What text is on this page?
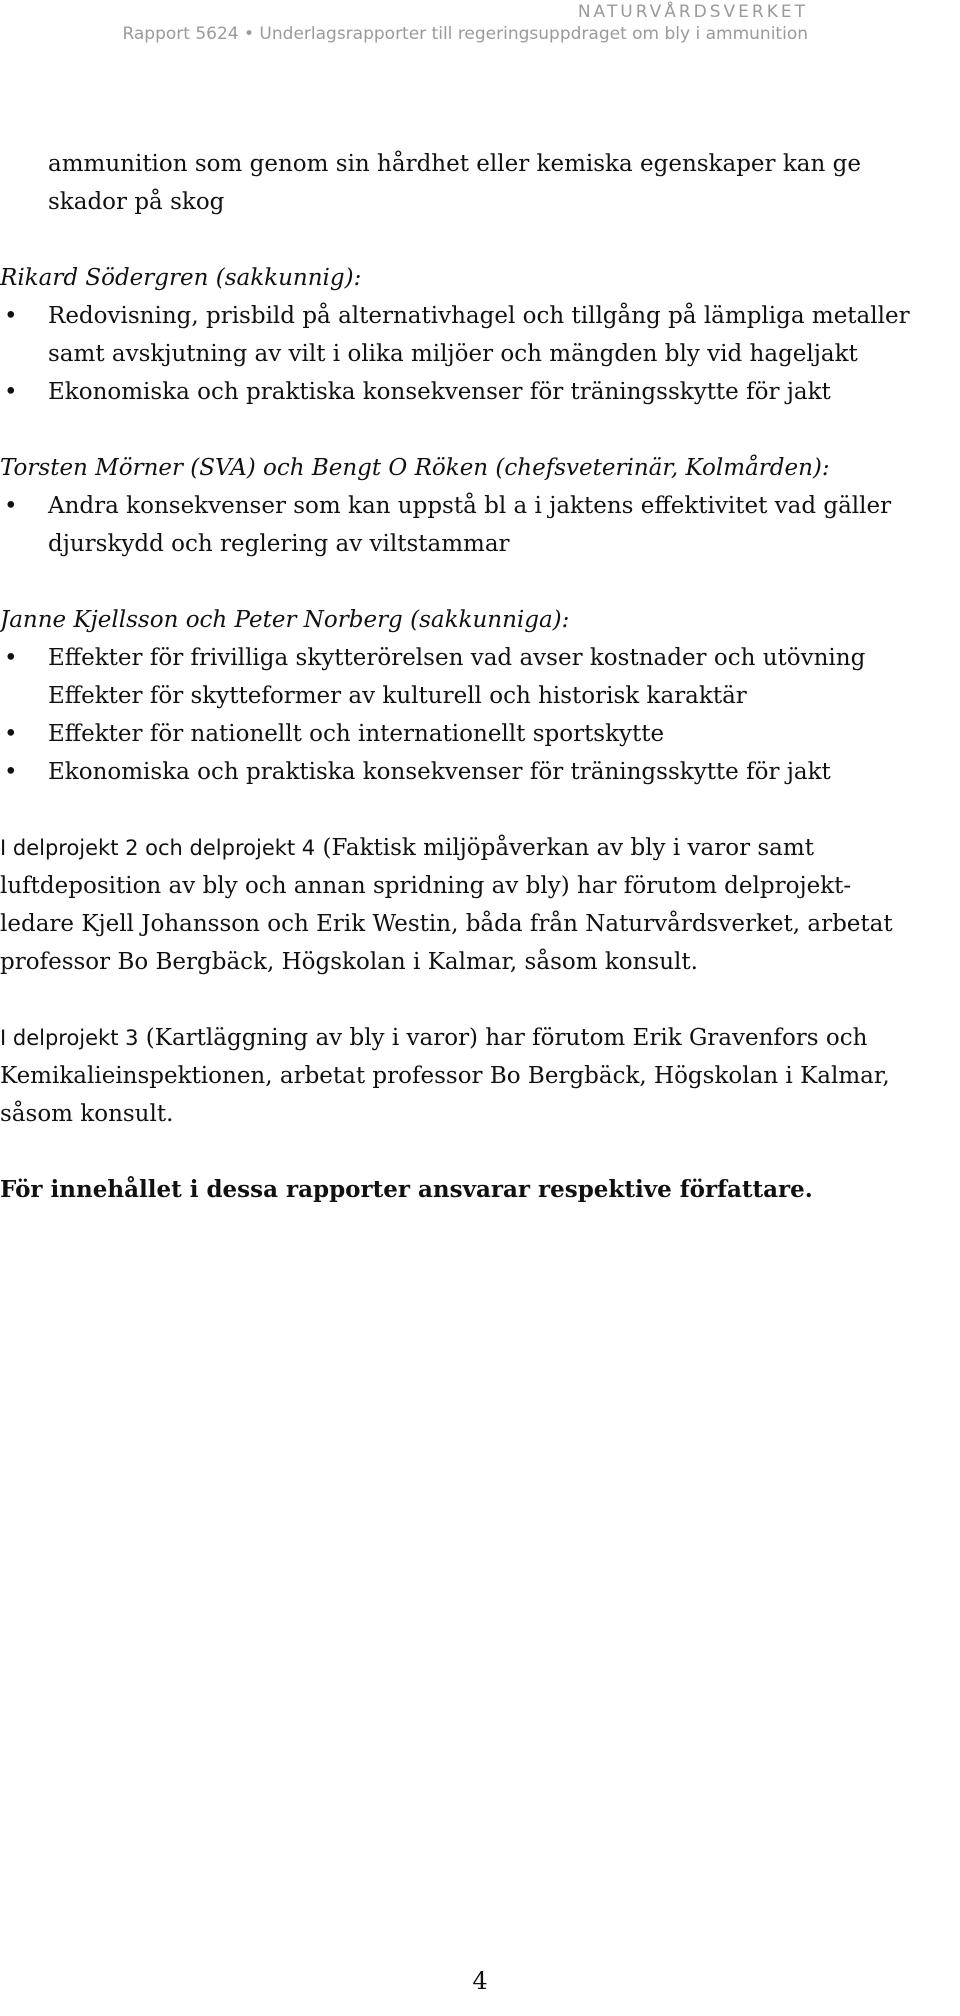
NATURVÅRDSVERKET
Rapport 5624 • Underlagsrapporter till regeringsuppdraget om bly i ammunition
ammunition som genom sin hårdhet eller kemiska egenskaper kan ge
skador på skog
Rikard Södergren (sakkunnig):
• Redovisning, prisbild på alternativhagel och tillgång på lämpliga metaller
samt avskjutning av vilt i olika miljöer och mängden bly vid hageljakt
• Ekonomiska och praktiska konsekvenser för träningsskytte för jakt
Torsten Mörner (SVA) och Bengt O Röken (chefsveterinär, Kolmården):
• Andra konsekvenser som kan uppstå bl a i jaktens effektivitet vad gäller
djurskydd och reglering av viltstammar
Janne Kjellsson och Peter Norberg (sakkunniga):
• Effekter för frivilliga skytterörelsen vad avser kostnader och utövning
Effekter för skytteformer av kulturell och historisk karaktär
• Effekter för nationellt och internationellt sportskytte
• Ekonomiska och praktiska konsekvenser för träningsskytte för jakt
I delprojekt 2 och delprojekt 4 (Faktisk miljöpåverkan av bly i varor samt
luftdeposition av bly och annan spridning av bly) har förutom delprojekt-
ledare Kjell Johansson och Erik Westin, båda från Naturvårdsverket, arbetat
professor Bo Bergbäck, Högskolan i Kalmar, såsom konsult.
I delprojekt 3 (Kartläggning av bly i varor) har förutom Erik Gravenfors och
Kemikalieinspektionen, arbetat professor Bo Bergbäck, Högskolan i Kalmar,
såsom konsult.
För innehållet i dessa rapporter ansvarar respektive författare.
4
